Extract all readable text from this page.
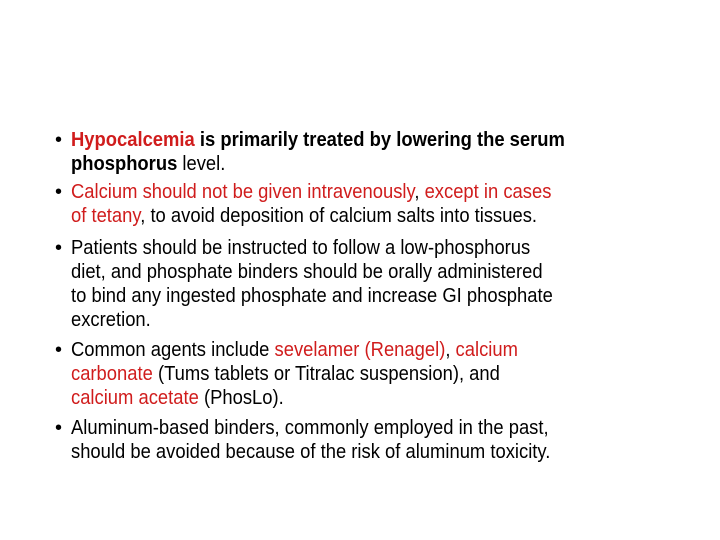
• Hypocalcemia is primarily treated by lowering the serum
phosphorus level.
• Calcium should not be given intravenously, except in cases
of tetany, to avoid deposition of calcium salts into tissues.
• Patients should be instructed to follow a low-phosphorus
diet, and phosphate binders should be orally administered
to bind any ingested phosphate and increase GI phosphate
excretion.
• Common agents include sevelamer (Renagel), calcium
carbonate (Tums tablets or Titralac suspension), and
calcium acetate (PhosLo).
• Aluminum-based binders, commonly employed in the past,
should be avoided because of the risk of aluminum toxicity.
